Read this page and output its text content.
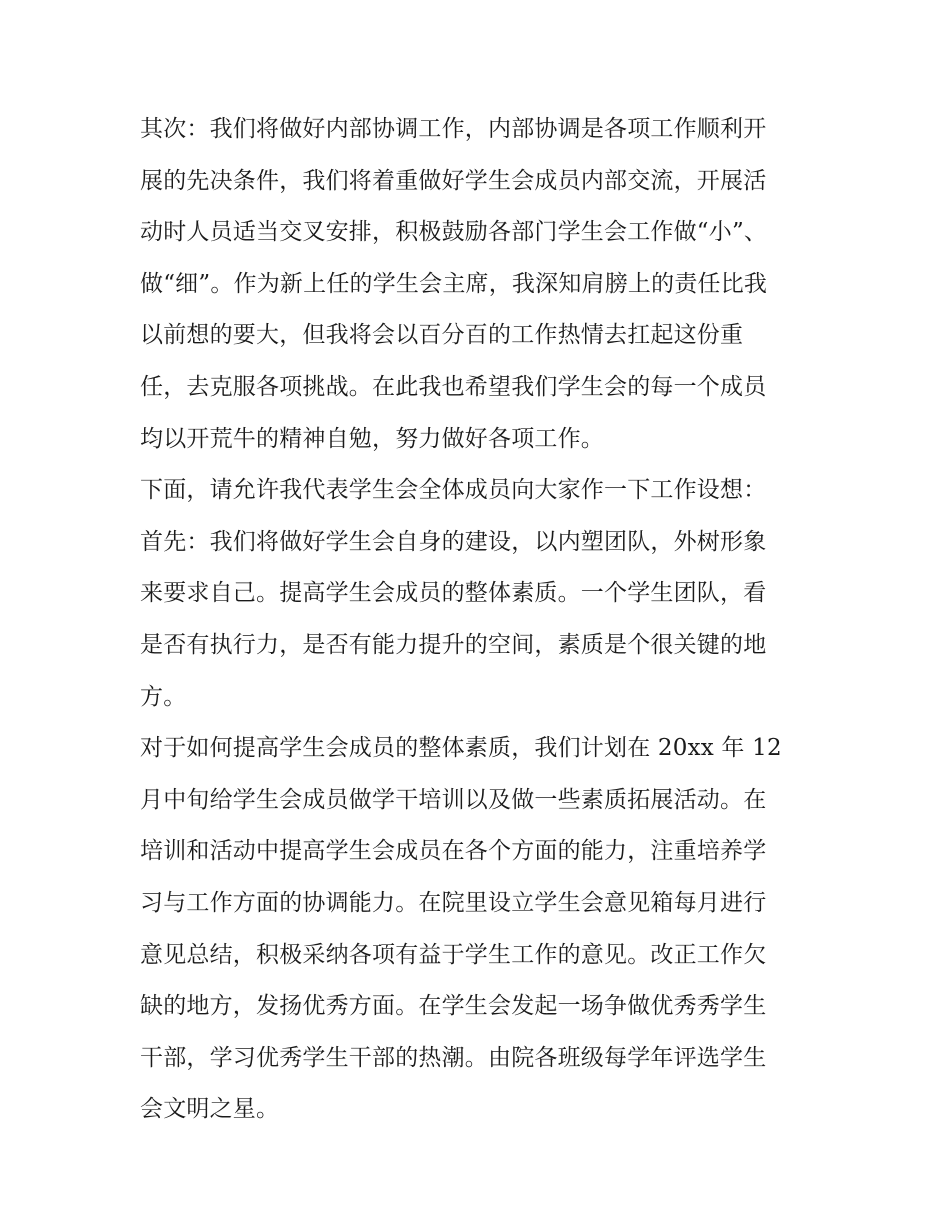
其次：我们将做好内部协调工作，内部协调是各项工作顺利开
展的先决条件，我们将着重做好学生会成员内部交流，开展活
动时人员适当交叉安排，积极鼓励各部门学生会工作做“小”、
做“细”。作为新上任的学生会主席，我深知肩膀上的责任比我
以前想的要大，但我将会以百分百的工作热情去扛起这份重
任，去克服各项挑战。在此我也希望我们学生会的每一个成员
均以开荒牛的精神自勉，努力做好各项工作。
下面，请允许我代表学生会全体成员向大家作一下工作设想：
首先：我们将做好学生会自身的建设，以内塑团队，外树形象
来要求自己。提高学生会成员的整体素质。一个学生团队，看
是否有执行力，是否有能力提升的空间，素质是个很关键的地
方。
对于如何提高学生会成员的整体素质，我们计划在 20xx 年 12
月中旬给学生会成员做学干培训以及做一些素质拓展活动。在
培训和活动中提高学生会成员在各个方面的能力，注重培养学
习与工作方面的协调能力。在院里设立学生会意见箱每月进行
意见总结，积极采纳各项有益于学生工作的意见。改正工作欠
缺的地方，发扬优秀方面。在学生会发起一场争做优秀秀学生
干部，学习优秀学生干部的热潮。由院各班级每学年评选学生
会文明之星。
